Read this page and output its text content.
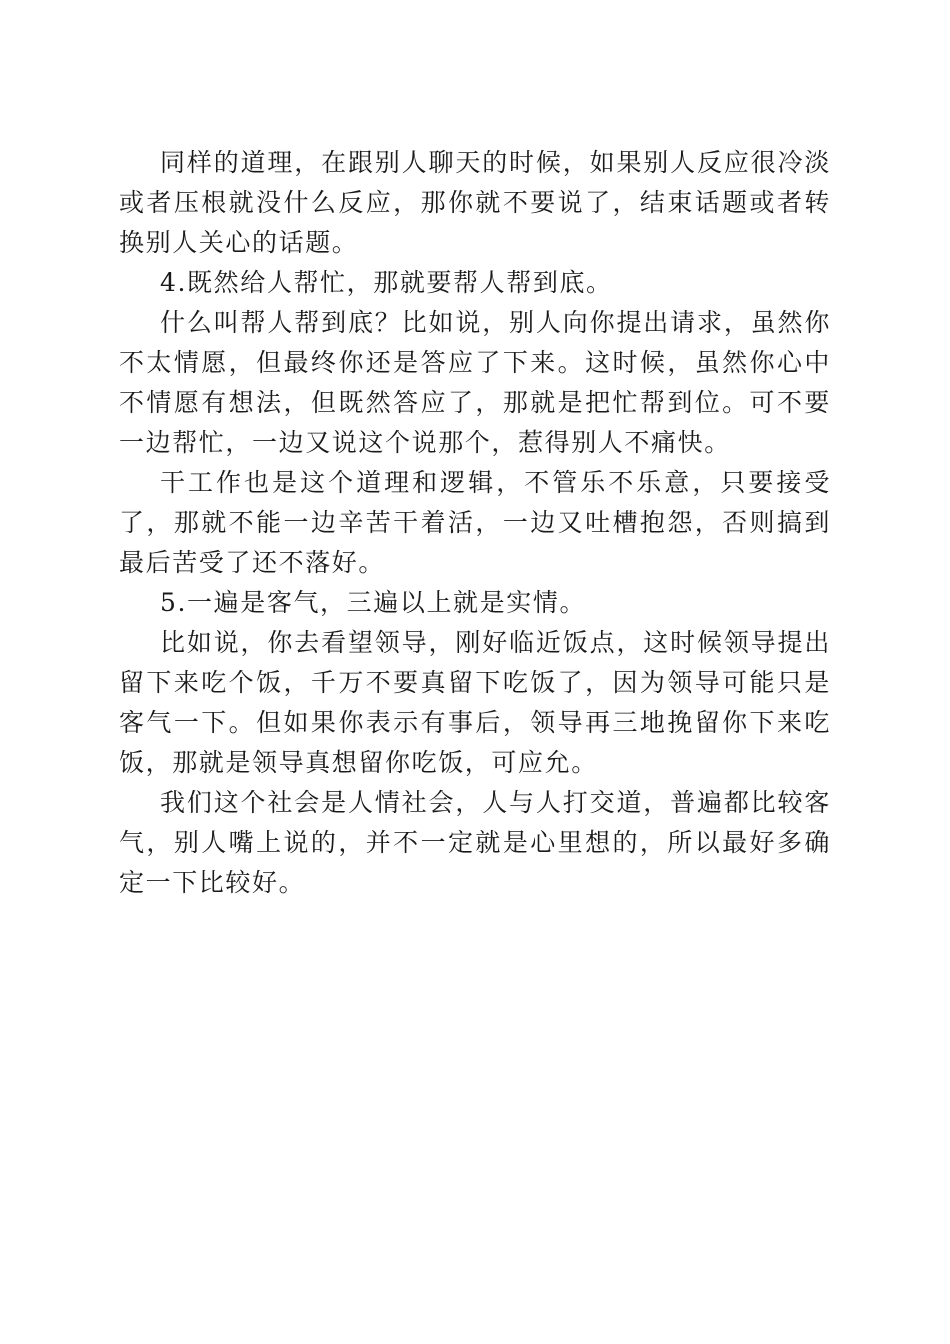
同样的道理，在跟别人聊天的时候，如果别人反应很冷淡或者压根就没什么反应，那你就不要说了，结束话题或者转换别人关心的话题。

4.既然给人帮忙，那就要帮人帮到底。

什么叫帮人帮到底？比如说，别人向你提出请求，虽然你不太情愿，但最终你还是答应了下来。这时候，虽然你心中不情愿有想法，但既然答应了，那就是把忙帮到位。可不要一边帮忙，一边又说这个说那个，惹得别人不痛快。

干工作也是这个道理和逻辑，不管乐不乐意，只要接受了，那就不能一边辛苦干着活，一边又吐槽抱怨，否则搞到最后苦受了还不落好。

5.一遍是客气，三遍以上就是实情。

比如说，你去看望领导，刚好临近饭点，这时候领导提出留下来吃个饭，千万不要真留下吃饭了，因为领导可能只是客气一下。但如果你表示有事后，领导再三地挽留你下来吃饭，那就是领导真想留你吃饭，可应允。

我们这个社会是人情社会，人与人打交道，普遍都比较客气，别人嘴上说的，并不一定就是心里想的，所以最好多确定一下比较好。
